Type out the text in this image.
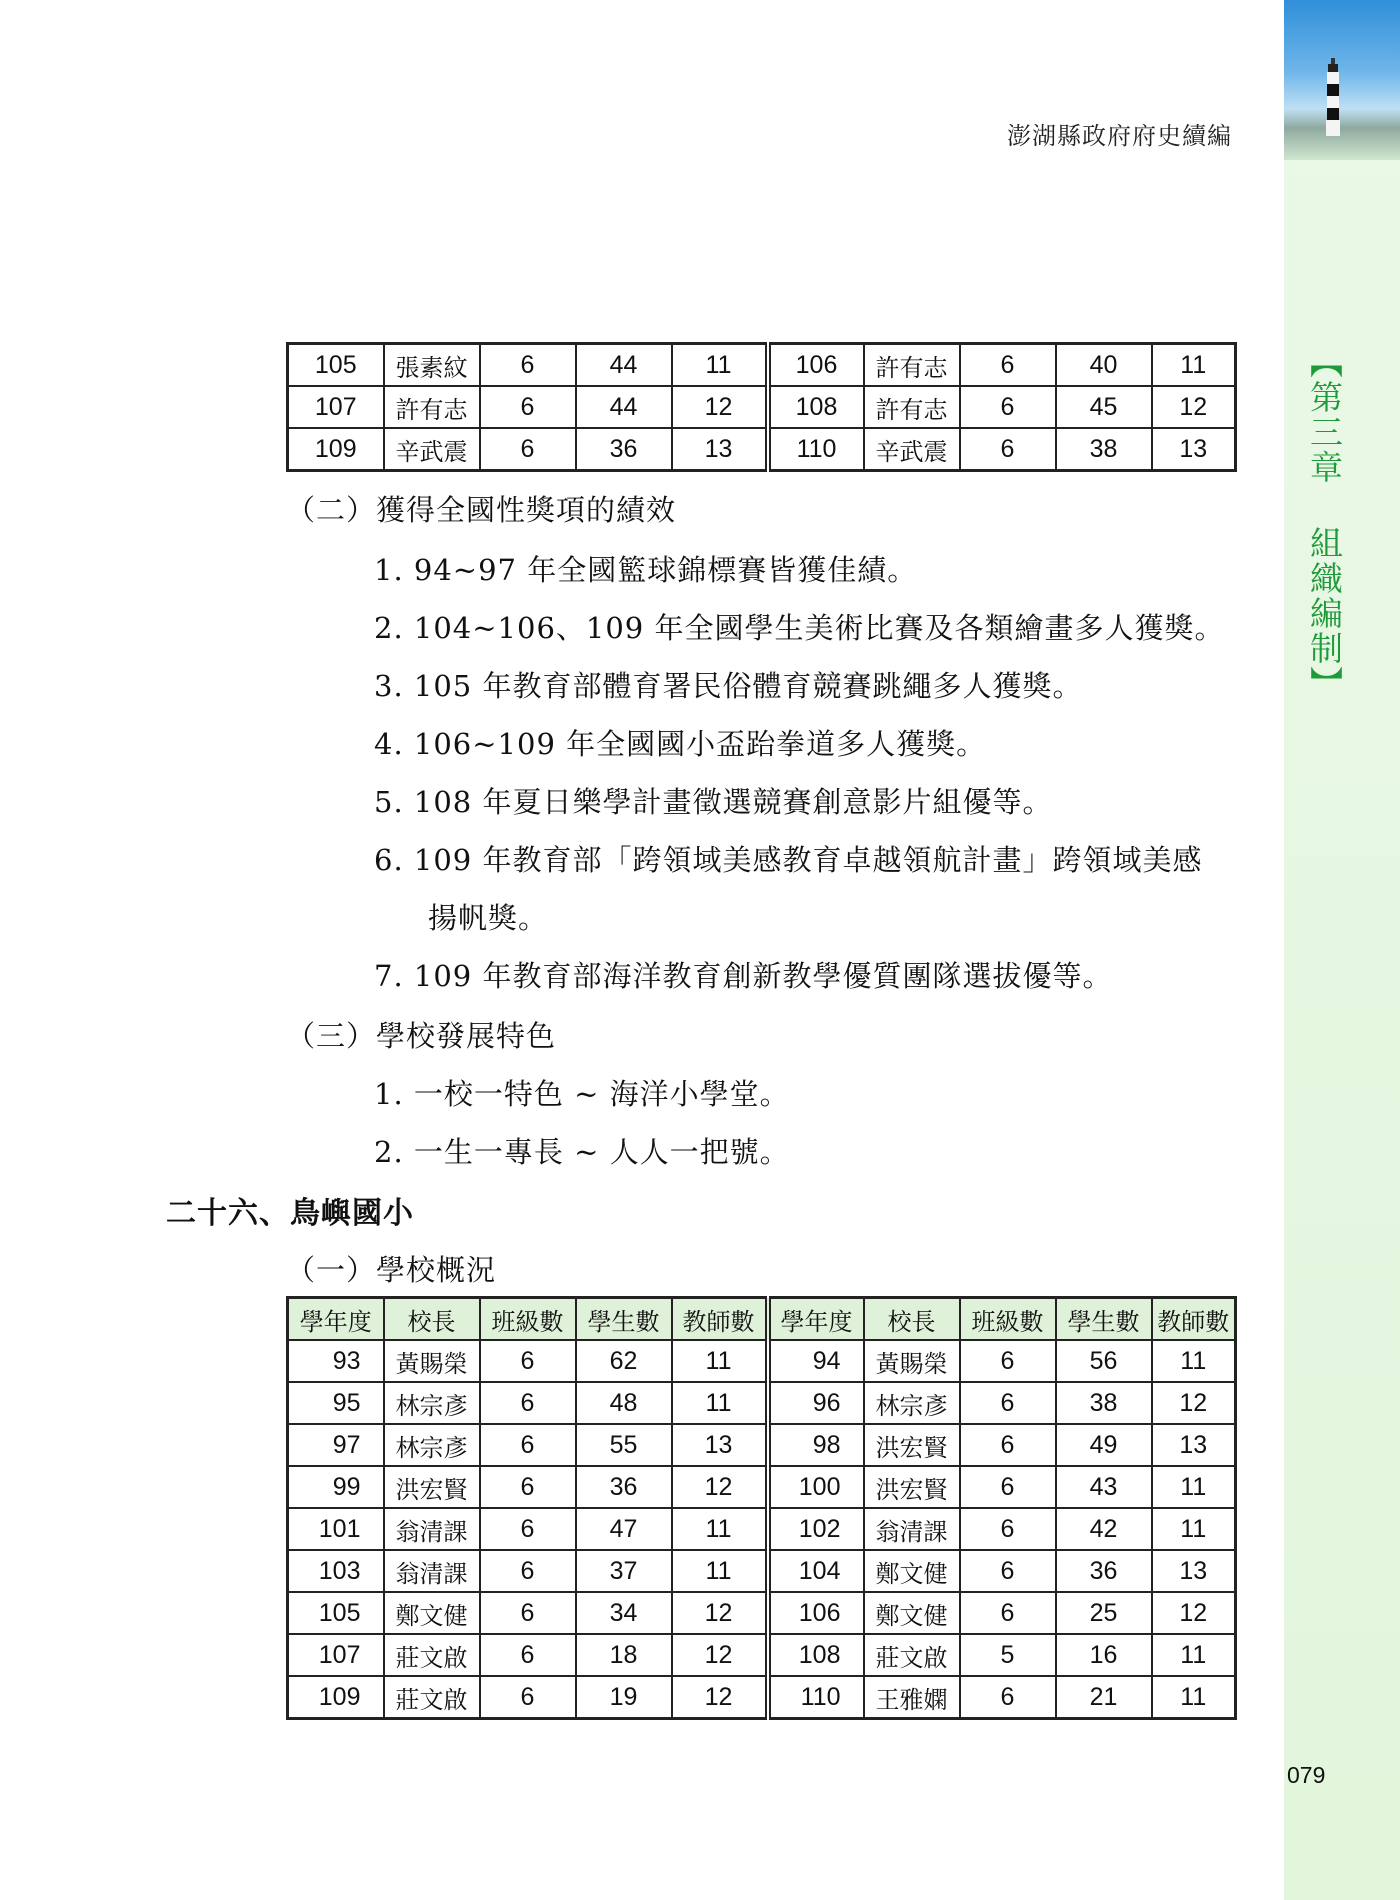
【第三章 組織編制】
澎湖縣政府府史續編
105	張素紋	6	44	11	106	許有志	6	40	11
107	許有志	6	44	12	108	許有志	6	45	12
109	辛武震	6	36	13	110	辛武震	6	38	13
（二）獲得全國性獎項的績效
1. 94~97 年全國籃球錦標賽皆獲佳績。
2. 104~106、109 年全國學生美術比賽及各類繪畫多人獲獎。
3. 105 年教育部體育署民俗體育競賽跳繩多人獲獎。
4. 106~109 年全國國小盃跆拳道多人獲獎。
5. 108 年夏日樂學計畫徵選競賽創意影片組優等。
6. 109 年教育部「跨領域美感教育卓越領航計畫」跨領域美感
揚帆獎。
7. 109 年教育部海洋教育創新教學優質團隊選拔優等。
（三）學校發展特色
1. 一校一特色 ~ 海洋小學堂。
2. 一生一專長 ~ 人人一把號。
二十六、鳥嶼國小
（一）學校概況
學年度	校長	班級數	學生數	教師數	學年度	校長	班級數	學生數	教師數
93	黃賜榮	6	62	11	94	黃賜榮	6	56	11
95	林宗彥	6	48	11	96	林宗彥	6	38	12
97	林宗彥	6	55	13	98	洪宏賢	6	49	13
99	洪宏賢	6	36	12	100	洪宏賢	6	43	11
101	翁清課	6	47	11	102	翁清課	6	42	11
103	翁清課	6	37	11	104	鄭文健	6	36	13
105	鄭文健	6	34	12	106	鄭文健	6	25	12
107	莊文啟	6	18	12	108	莊文啟	5	16	11
109	莊文啟	6	19	12	110	王雅嫻	6	21	11
079
